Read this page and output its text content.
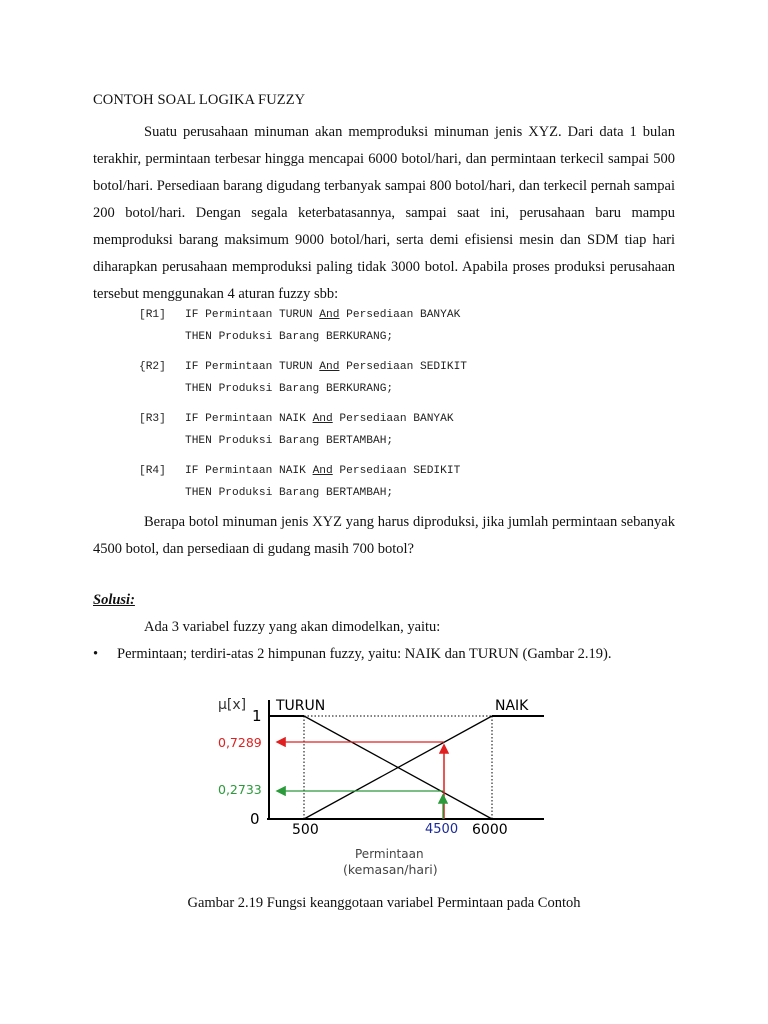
CONTOH SOAL LOGIKA FUZZY

Suatu perusahaan minuman akan memproduksi minuman jenis XYZ. Dari data 1 bulan terakhir, permintaan terbesar hingga mencapai 6000 botol/hari, dan permintaan terkecil sampai 500 botol/hari. Persediaan barang digudang terbanyak sampai 800 botol/hari, dan terkecil pernah sampai 200 botol/hari. Dengan segala keterbatasannya, sampai saat ini, perusahaan baru mampu memproduksi barang maksimum 9000 botol/hari, serta demi efisiensi mesin dan SDM tiap hari diharapkan perusahaan memproduksi paling tidak 3000 botol. Apabila proses produksi perusahaan tersebut menggunakan 4 aturan fuzzy sbb:

[R1] IF Permintaan TURUN And Persediaan BANYAK
THEN Produksi Barang BERKURANG;
{R2] IF Permintaan TURUN And Persediaan SEDIKIT
THEN Produksi Barang BERKURANG;
[R3] IF Permintaan NAIK And Persediaan BANYAK
THEN Produksi Barang BERTAMBAH;
[R4] IF Permintaan NAIK And Persediaan SEDIKIT
THEN Produksi Barang BERTAMBAH;

Berapa botol minuman jenis XYZ yang harus diproduksi, jika jumlah permintaan sebanyak 4500 botol, dan persediaan di gudang masih 700 botol?

Solusi:
Ada 3 variabel fuzzy yang akan dimodelkan, yaitu:
• Permintaan; terdiri-atas 2 himpunan fuzzy, yaitu: NAIK dan TURUN (Gambar 2.19).
µ[x]
1
0
TURUN	NAIK
0,7289
0,2733
500	4500 6000
Permintaan
(kemasan/hari)
Gambar 2.19 Fungsi keanggotaan variabel Permintaan pada Contoh
